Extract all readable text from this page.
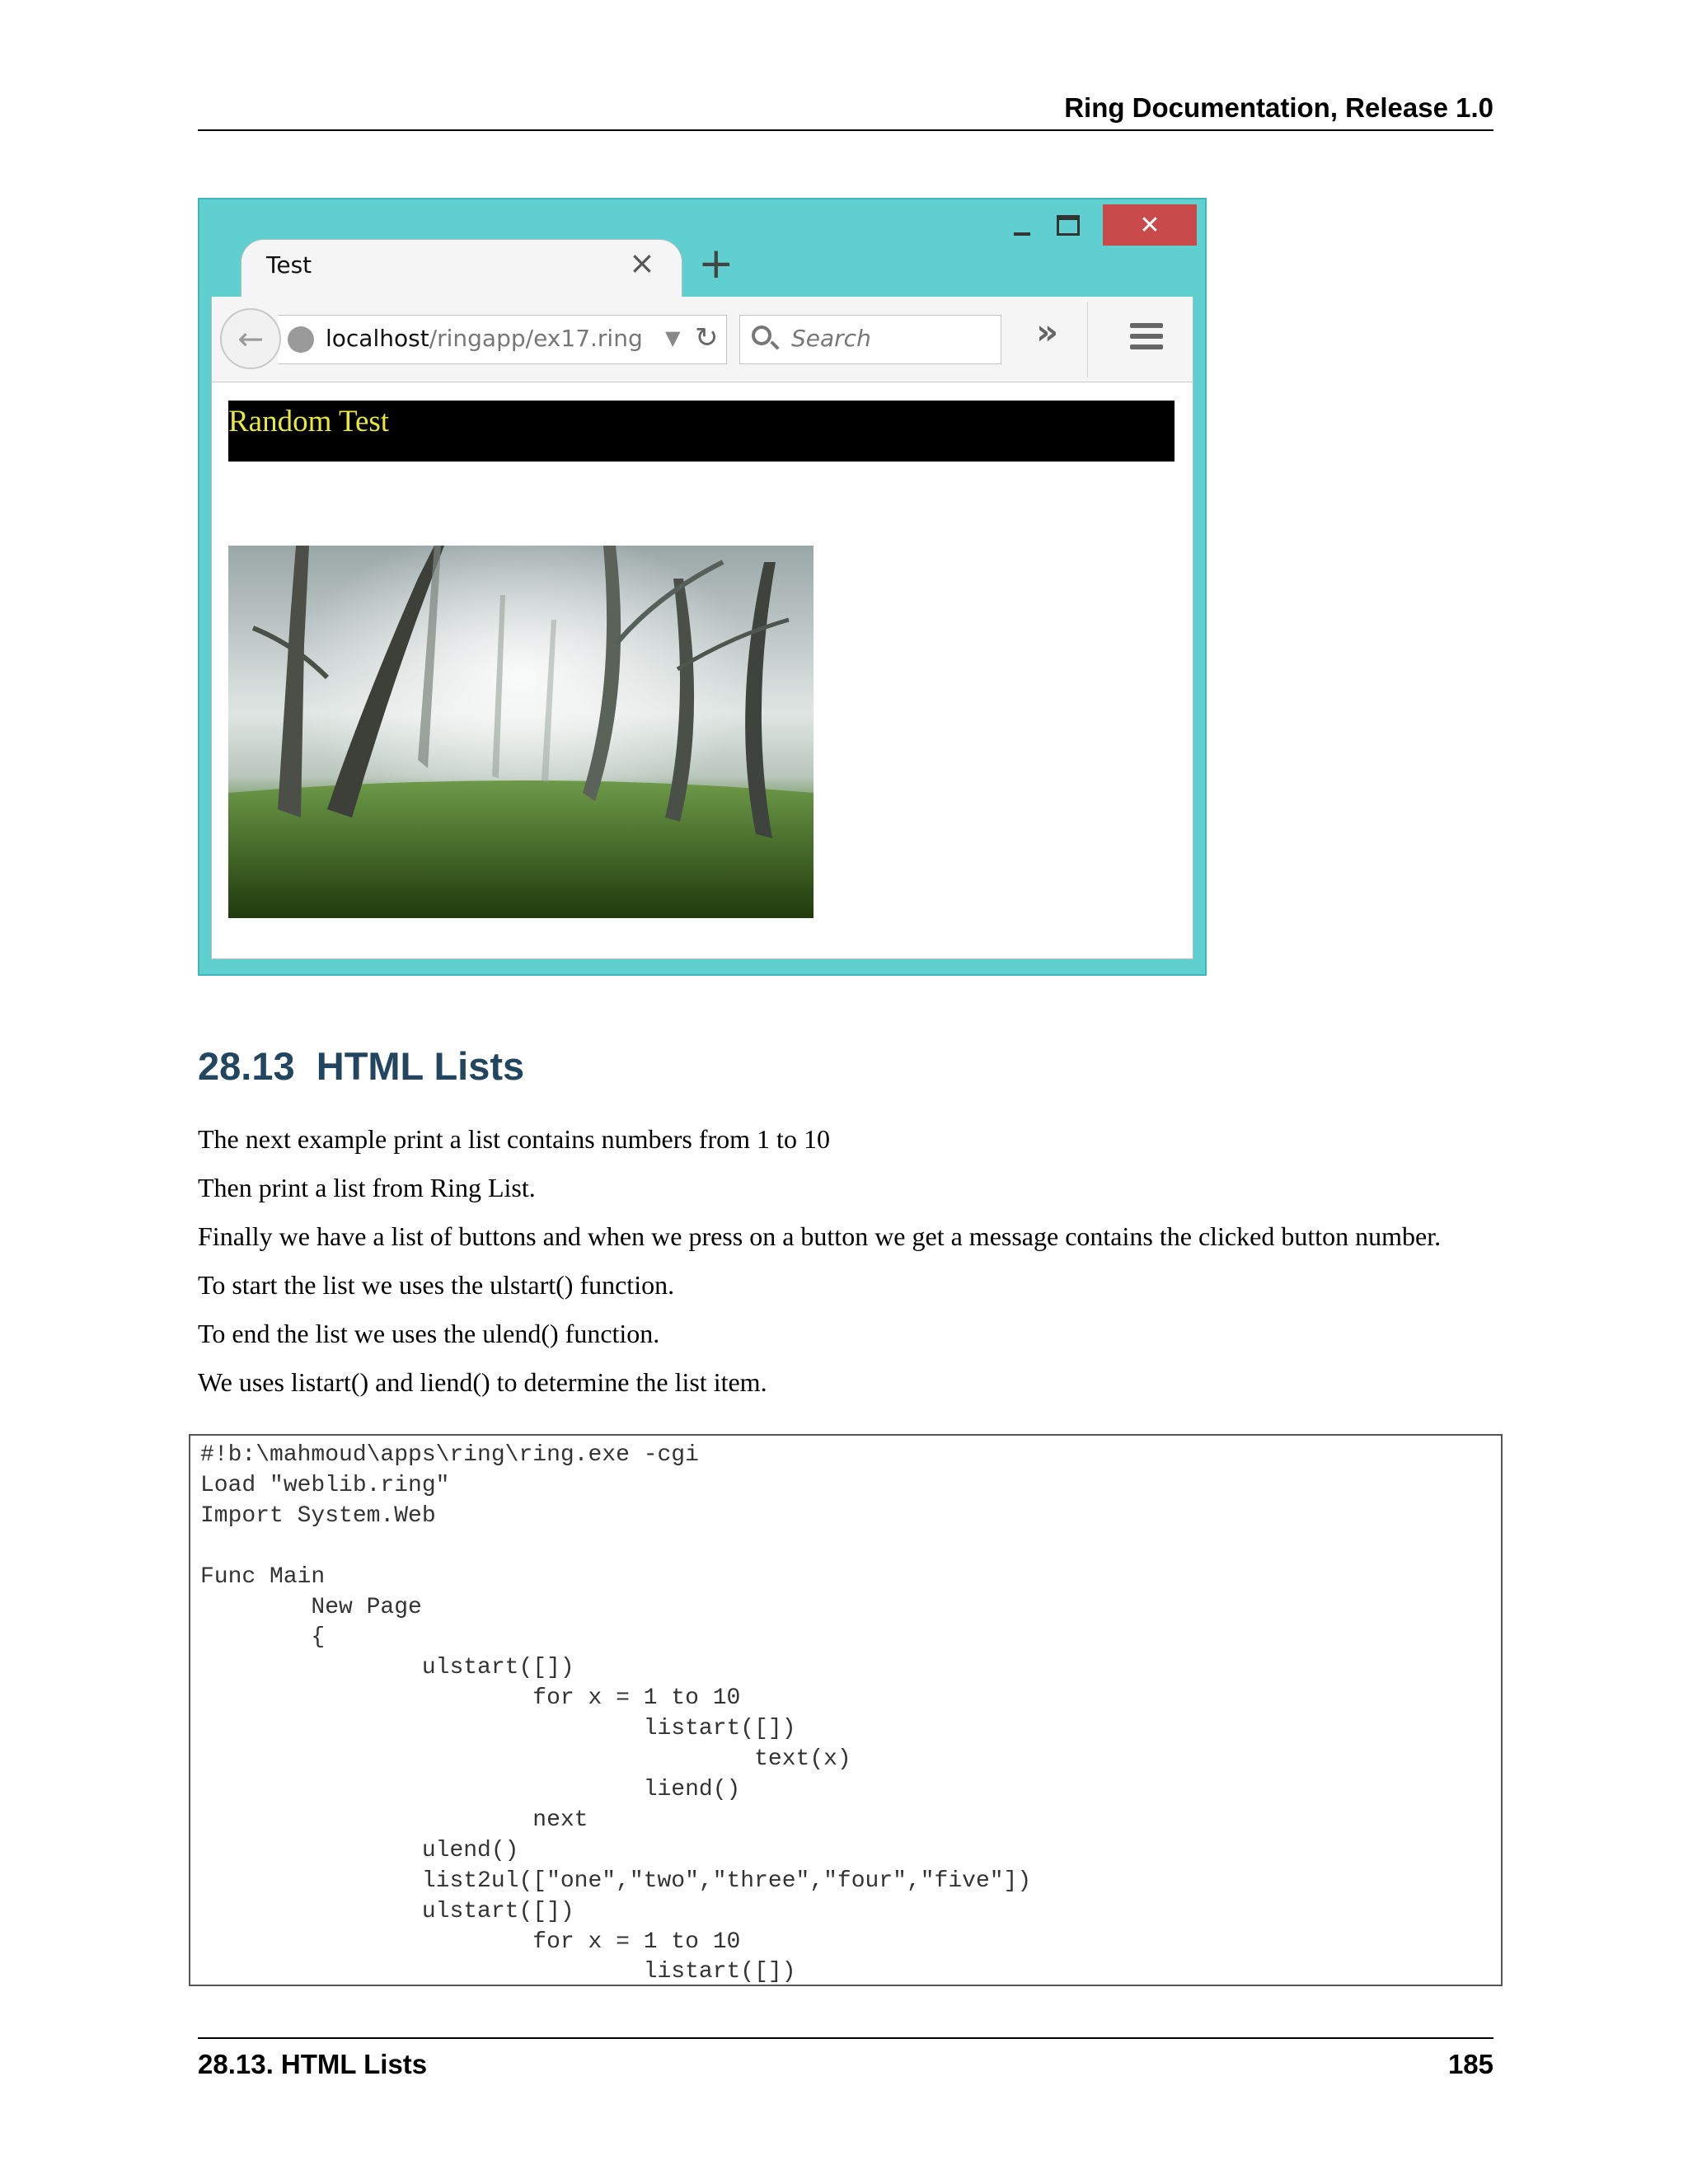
Ring Documentation, Release 1.0
✕
Test	× +
localhost/ringapp/ex17.ring ▼ ↻
←	Search	»
Random Test
28.13 HTML Lists
The next example print a list contains numbers from 1 to 10
Then print a list from Ring List.
Finally we have a list of buttons and when we press on a button we get a message contains the clicked button number.
To start the list we uses the ulstart() function.
To end the list we uses the ulend() function.
We uses listart() and liend() to determine the list item.
#!b:\mahmoud\apps\ring\ring.exe -cgi
Load "weblib.ring"
Import System.Web

Func Main
New Page
{
ulstart([])
for x = 1 to 10
listart([])
text(x)
liend()
next
ulend()
list2ul(["one","two","three","four","five"])
ulstart([])
for x = 1 to 10
listart([])
28.13. HTML Lists	185
